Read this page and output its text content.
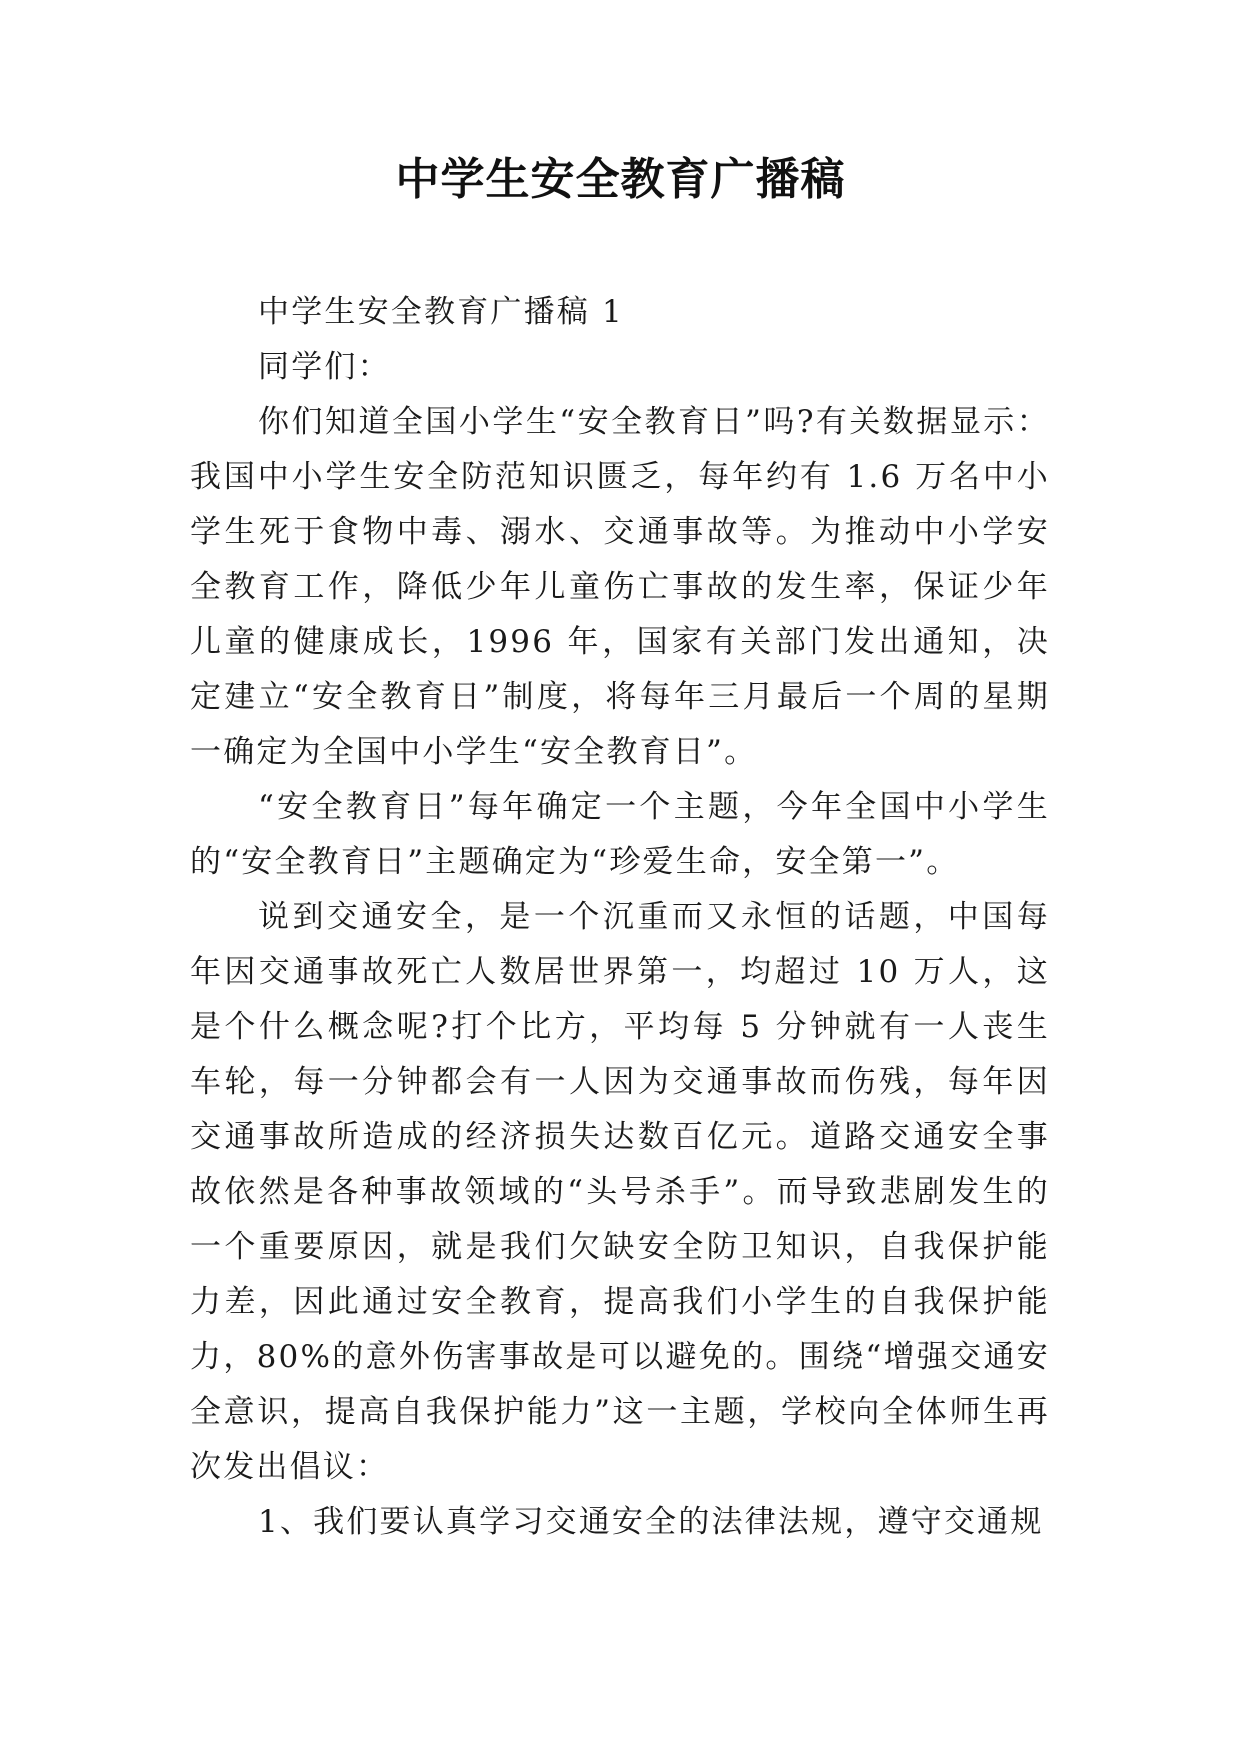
中学生安全教育广播稿

中学生安全教育广播稿 1

同学们：

你们知道全国小学生“安全教育日”吗?有关数据显示：我国中小学生安全防范知识匮乏，每年约有 1.6 万名中小学生死于食物中毒、溺水、交通事故等。为推动中小学安全教育工作，降低少年儿童伤亡事故的发生率，保证少年儿童的健康成长，1996 年，国家有关部门发出通知，决定建立“安全教育日”制度，将每年三月最后一个周的星期一确定为全国中小学生“安全教育日”。

“安全教育日”每年确定一个主题，今年全国中小学生的“安全教育日”主题确定为“珍爱生命，安全第一”。

说到交通安全，是一个沉重而又永恒的话题，中国每年因交通事故死亡人数居世界第一，均超过 10 万人，这是个什么概念呢?打个比方，平均每 5 分钟就有一人丧生车轮，每一分钟都会有一人因为交通事故而伤残，每年因交通事故所造成的经济损失达数百亿元。道路交通安全事故依然是各种事故领域的“头号杀手”。而导致悲剧发生的一个重要原因，就是我们欠缺安全防卫知识，自我保护能力差，因此通过安全教育，提高我们小学生的自我保护能力，80%的意外伤害事故是可以避免的。围绕“增强交通安全意识，提高自我保护能力”这一主题，学校向全体师生再次发出倡议：

1、我们要认真学习交通安全的法律法规，遵守交通规
